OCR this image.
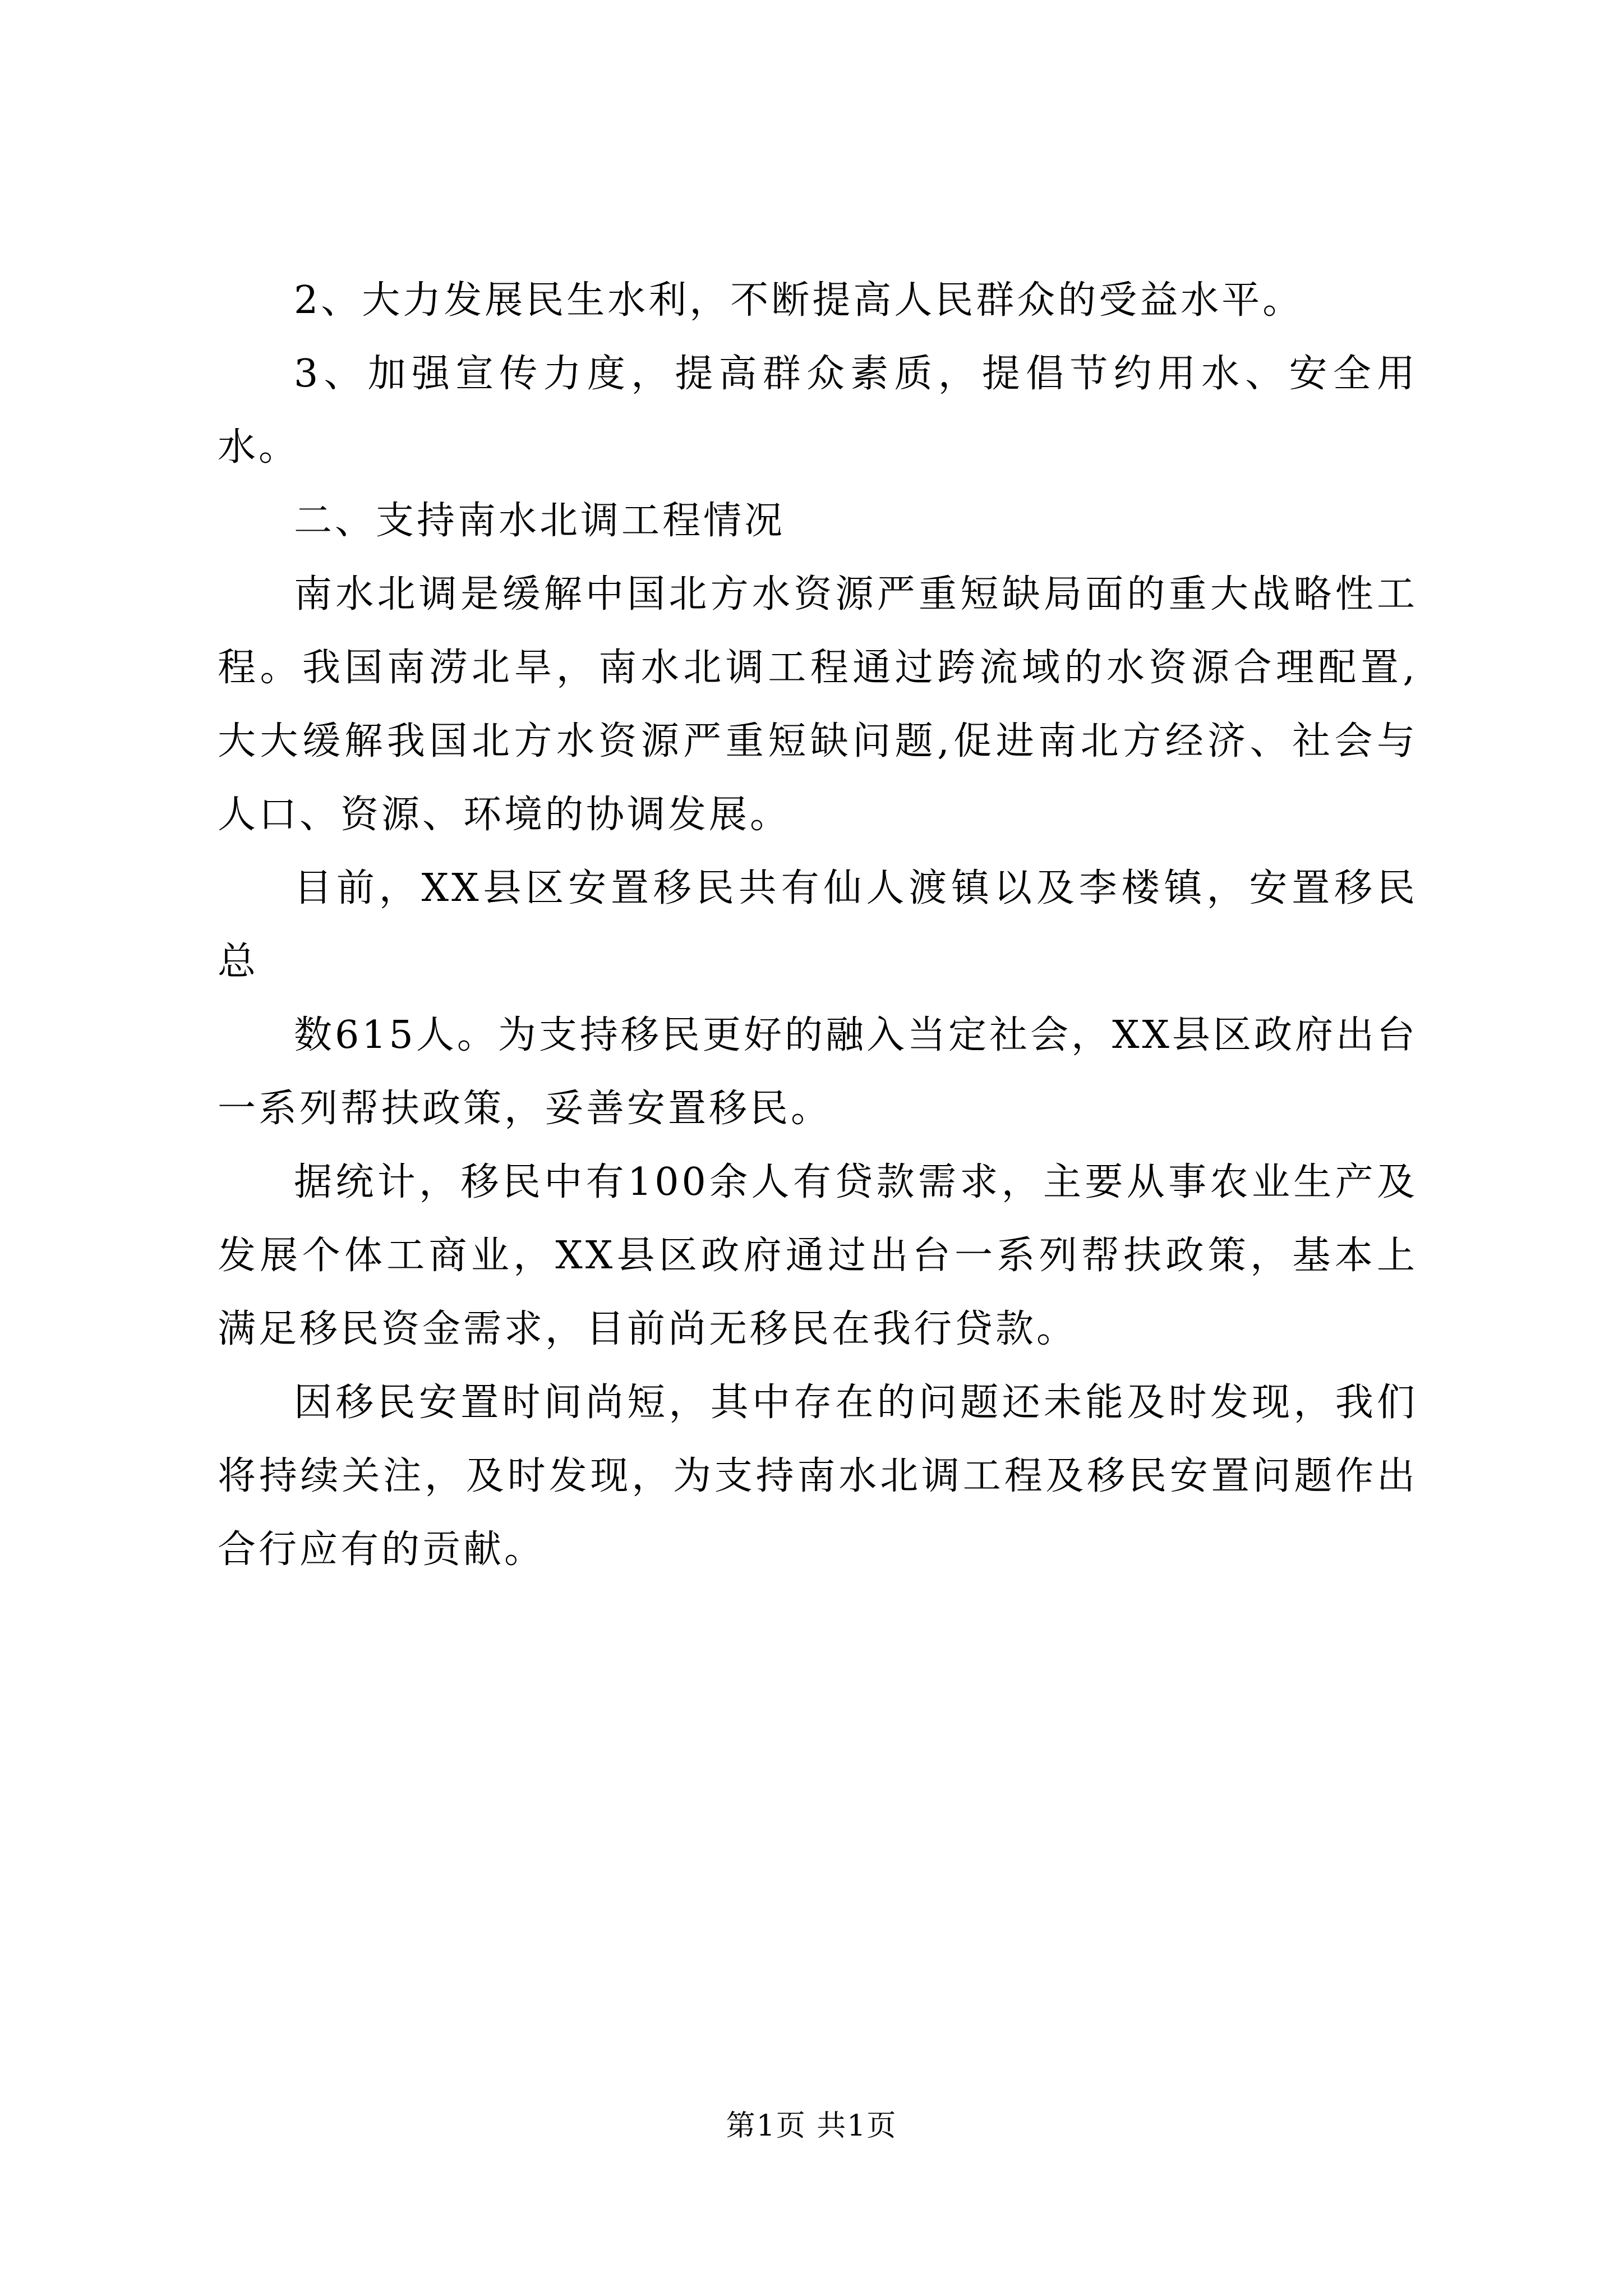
2、大力发展民生水利，不断提高人民群众的受益水平。

3、加强宣传力度，提高群众素质，提倡节约用水、安全用水。

二、支持南水北调工程情况

南水北调是缓解中国北方水资源严重短缺局面的重大战略性工程。我国南涝北旱，南水北调工程通过跨流域的水资源合理配置,大大缓解我国北方水资源严重短缺问题,促进南北方经济、社会与人口、资源、环境的协调发展。

目前，XX县区安置移民共有仙人渡镇以及李楼镇，安置移民总

数615人。为支持移民更好的融入当定社会，XX县区政府出台一系列帮扶政策，妥善安置移民。

据统计，移民中有100余人有贷款需求，主要从事农业生产及发展个体工商业，XX县区政府通过出台一系列帮扶政策，基本上满足移民资金需求，目前尚无移民在我行贷款。

因移民安置时间尚短，其中存在的问题还未能及时发现，我们将持续关注，及时发现，为支持南水北调工程及移民安置问题作出合行应有的贡献。

第1页 共1页
